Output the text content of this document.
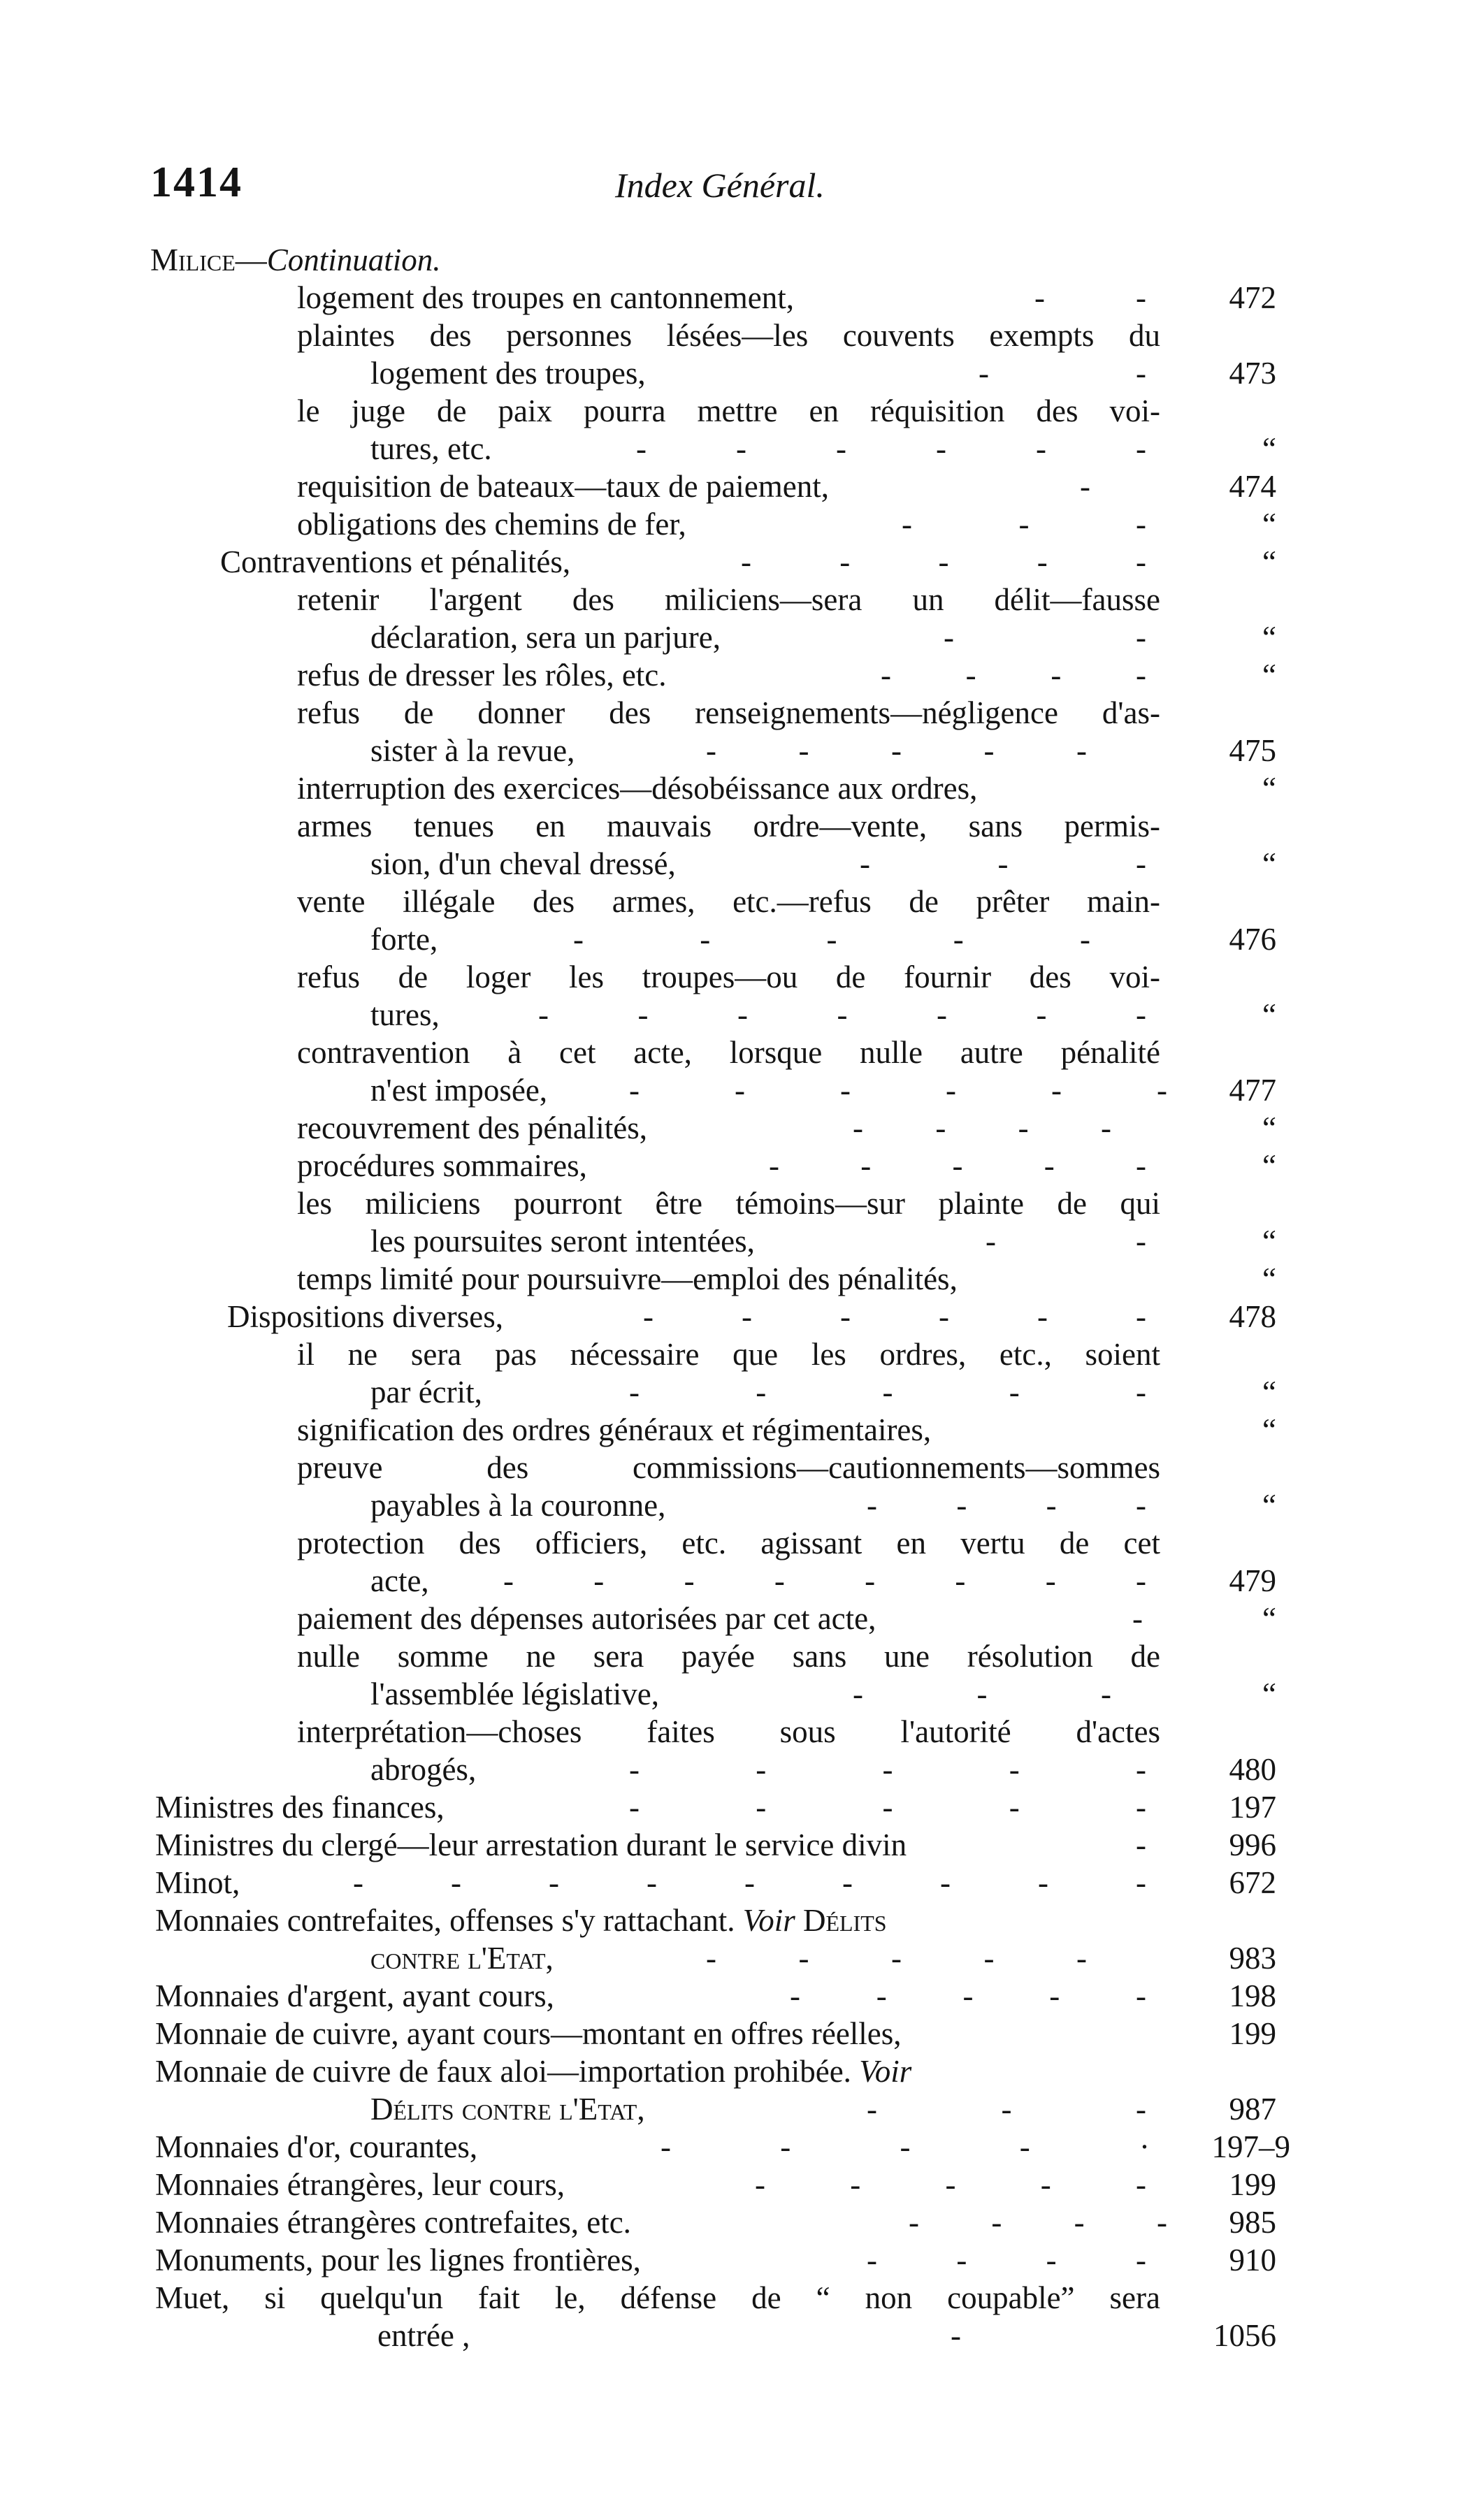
1414	Index Général.
Milice—Continuation.
logement des troupes en cantonnement,	-	-	472
plaintes des personnes lésées—les couvents exempts du
logement des troupes,	-	-	473
le juge de paix pourra mettre en réquisition des voi-
tures, etc.	-	-	-	-	-	-	“
requisition de bateaux—taux de paiement,	-	474
obligations des chemins de fer,	-	-	-	“
Contraventions et pénalités,	-	-	-	-	-	“
retenir l'argent des miliciens—sera un délit—fausse
déclaration, sera un parjure,	-	-	“
refus de dresser les rôles, etc.	- - - -	“
refus de donner des renseignements—négligence d'as-
sister à la revue,	-	-	-	-	-	475
interruption des exercices—désobéissance aux ordres,	“
armes tenues en mauvais ordre—vente, sans permis-
sion, d'un cheval dressé,	-	-	-	“
vente illégale des armes, etc.—refus de prêter main-
forte,	-	-	-	-	-	476
refus de loger les troupes—ou de fournir des voi-
tures,	-	-	-	-	-	-	-	“
contravention à cet acte, lorsque nulle autre pénalité
n'est imposée,	-	-	-	-	-	- 477
recouvrement des pénalités,	- - - -	“
procédures sommaires,	-	-	-	-	-	“
les miliciens pourront être témoins—sur plainte de qui
les poursuites seront intentées,	-	-	“
temps limité pour poursuivre—emploi des pénalités,	“
Dispositions diverses,	-	-	-	-	-	-	478
il ne sera pas nécessaire que les ordres, etc., soient
par écrit,	-	-	-	-	-	“
signification des ordres généraux et régimentaires,	“
preuve des commissions—cautionnements—sommes
payables à la couronne,	-	-	-	-	“
protection des officiers, etc. agissant en vertu de cet
acte, -	-	-	-	-	-	-	-	479
paiement des dépenses autorisées par cet acte,	-	“
nulle somme ne sera payée sans une résolution de
l'assemblée législative,	-	-	-	“
interprétation—choses faites sous l'autorité d'actes
abrogés,	-	-	-	-	-	480
Ministres des finances,	-	-	-	-	-	197
Ministres du clergé—leur arrestation durant le service divin	-	996
Minot,	-	-	-	-	-	-	-	-	-	672
Monnaies contrefaites, offenses s'y rattachant. Voir Délits
contre l'Etat,	-	-	-	-	-	983
Monnaies d'argent, ayant cours,	- - - - -	198
Monnaie de cuivre, ayant cours—montant en offres réelles,	199
Monnaie de cuivre de faux aloi—importation prohibée. Voir
Délits contre l'Etat,	-	-	-	987
Monnaies d'or, courantes,	-	-	-	-	· 197–9
Monnaies étrangères, leur cours,	-	-	-	-	-	199
Monnaies étrangères contrefaites, etc.	- - - - 985
Monuments, pour les lignes frontières,	-	-	-	-	910
Muet, si quelqu'un fait le, défense de “ non coupable” sera
entrée ,	-	1056
